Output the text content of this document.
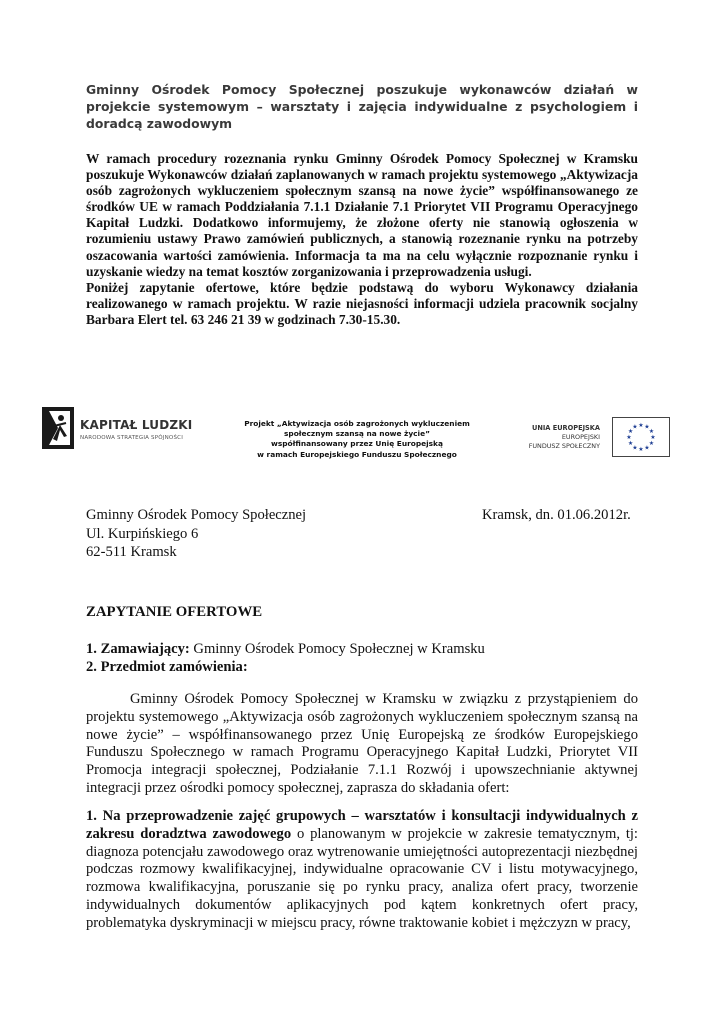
Gminny Ośrodek Pomocy Społecznej poszukuje wykonawców działań w projekcie systemowym – warsztaty i zajęcia indywidualne z psychologiem i doradcą zawodowym

W ramach procedury rozeznania rynku Gminny Ośrodek Pomocy Społecznej w Kramsku poszukuje Wykonawców działań zaplanowanych w ramach projektu systemowego „Aktywizacja osób zagrożonych wykluczeniem społecznym szansą na nowe życie” współfinansowanego ze środków UE w ramach Poddziałania 7.1.1 Działanie 7.1 Priorytet VII Programu Operacyjnego Kapitał Ludzki. Dodatkowo informujemy, że złożone oferty nie stanowią ogłoszenia w rozumieniu ustawy Prawo zamówień publicznych, a stanowią rozeznanie rynku na potrzeby oszacowania wartości zamówienia. Informacja ta ma na celu wyłącznie rozpoznanie rynku i uzyskanie wiedzy na temat kosztów zorganizowania i przeprowadzenia usługi.

Poniżej zapytanie ofertowe, które będzie podstawą do wyboru Wykonawcy działania realizowanego w ramach projektu. W razie niejasności informacji udziela pracownik socjalny Barbara Elert tel. 63 246 21 39 w godzinach 7.30-15.30.

KAPITAŁ LUDZKI
NARODOWA STRATEGIA SPÓJNOŚCI
Projekt „Aktywizacja osób zagrożonych wykluczeniem
społecznym szansą na nowe życie”
współfinansowany przez Unię Europejską
w ramach Europejskiego Funduszu Społecznego
UNIA EUROPEJSKA
EUROPEJSKI
FUNDUSZ SPOŁECZNY
★ ★
★
★
★
★
★
★
★
★
★
★
Gminny Ośrodek Pomocy Społecznej
Ul. Kurpińskiego 6
62-511 Kramsk
Kramsk, dn. 01.06.2012r.
ZAPYTANIE OFERTOWE
1. Zamawiający: Gminny Ośrodek Pomocy Społecznej w Kramsku
2. Przedmiot zamówienia:

Gminny Ośrodek Pomocy Społecznej w Kramsku w związku z przystąpieniem do projektu systemowego „Aktywizacja osób zagrożonych wykluczeniem społecznym szansą na nowe życie” – współfinansowanego przez Unię Europejską ze środków Europejskiego Funduszu Społecznego w ramach Programu Operacyjnego Kapitał Ludzki, Priorytet VII Promocja integracji społecznej, Podziałanie 7.1.1 Rozwój i upowszechnianie aktywnej integracji przez ośrodki pomocy społecznej, zaprasza do składania ofert:

1. Na przeprowadzenie zajęć grupowych – warsztatów i konsultacji indywidualnych z zakresu doradztwa zawodowego o planowanym w projekcie w zakresie tematycznym, tj: diagnoza potencjału zawodowego oraz wytrenowanie umiejętności autoprezentacji niezbędnej podczas rozmowy kwalifikacyjnej, indywidualne opracowanie CV i listu motywacyjnego, rozmowa kwalifikacyjna, poruszanie się po rynku pracy, analiza ofert pracy, tworzenie indywidualnych dokumentów aplikacyjnych pod kątem konkretnych ofert pracy, problematyka dyskryminacji w miejscu pracy, równe traktowanie kobiet i mężczyzn w pracy,
